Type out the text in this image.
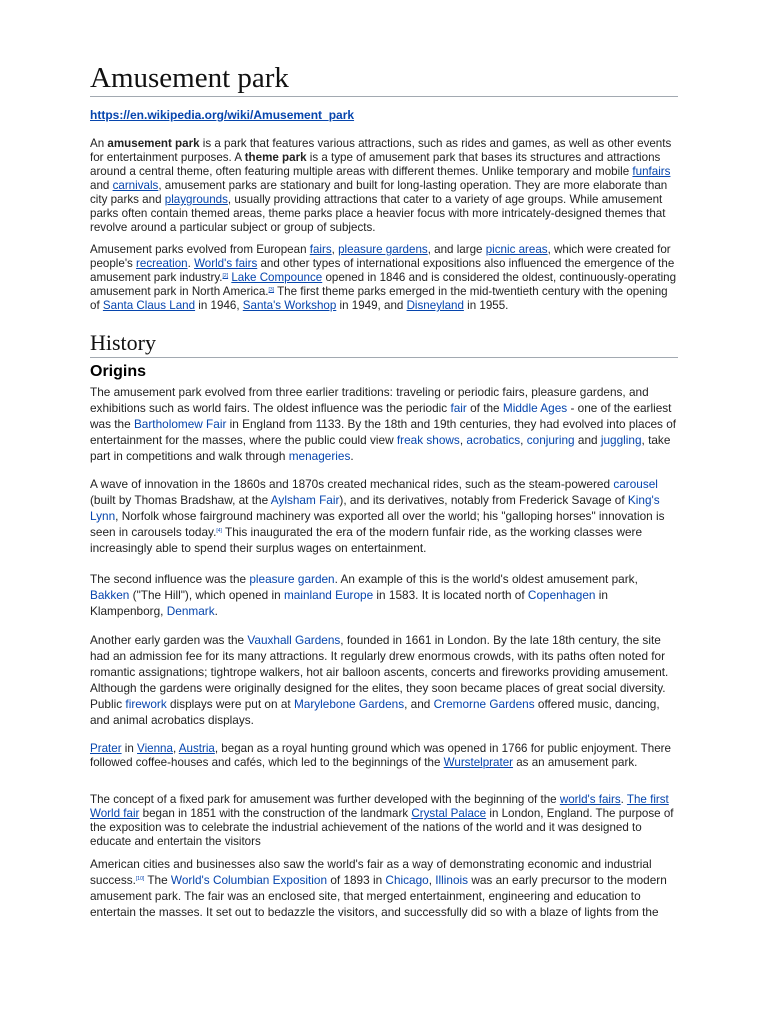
Amusement park
https://en.wikipedia.org/wiki/Amusement_park

An amusement park is a park that features various attractions, such as rides and games, as well as other events for entertainment purposes. A theme park is a type of amusement park that bases its structures and attractions around a central theme, often featuring multiple areas with different themes. Unlike temporary and mobile funfairs and carnivals, amusement parks are stationary and built for long-lasting operation. They are more elaborate than city parks and playgrounds, usually providing attractions that cater to a variety of age groups. While amusement parks often contain themed areas, theme parks place a heavier focus with more intricately-designed themes that revolve around a particular subject or group of subjects.

Amusement parks evolved from European fairs, pleasure gardens, and large picnic areas, which were created for people's recreation. World's fairs and other types of international expositions also influenced the emergence of the amusement park industry.[2] Lake Compounce opened in 1846 and is considered the oldest, continuously-operating amusement park in North America.[3] The first theme parks emerged in the mid-twentieth century with the opening of Santa Claus Land in 1946, Santa's Workshop in 1949, and Disneyland in 1955.

History
Origins

The amusement park evolved from three earlier traditions: traveling or periodic fairs, pleasure gardens, and exhibitions such as world fairs. The oldest influence was the periodic fair of the Middle Ages - one of the earliest was the Bartholomew Fair in England from 1133. By the 18th and 19th centuries, they had evolved into places of entertainment for the masses, where the public could view freak shows, acrobatics, conjuring and juggling, take part in competitions and walk through menageries.

A wave of innovation in the 1860s and 1870s created mechanical rides, such as the steam-powered carousel (built by Thomas Bradshaw, at the Aylsham Fair), and its derivatives, notably from Frederick Savage of King's Lynn, Norfolk whose fairground machinery was exported all over the world; his "galloping horses" innovation is seen in carousels today.[4] This inaugurated the era of the modern funfair ride, as the working classes were increasingly able to spend their surplus wages on entertainment.

The second influence was the pleasure garden. An example of this is the world's oldest amusement park, Bakken ("The Hill"), which opened in mainland Europe in 1583. It is located north of Copenhagen in Klampenborg, Denmark.

Another early garden was the Vauxhall Gardens, founded in 1661 in London. By the late 18th century, the site had an admission fee for its many attractions. It regularly drew enormous crowds, with its paths often noted for romantic assignations; tightrope walkers, hot air balloon ascents, concerts and fireworks providing amusement. Although the gardens were originally designed for the elites, they soon became places of great social diversity. Public firework displays were put on at Marylebone Gardens, and Cremorne Gardens offered music, dancing, and animal acrobatics displays.

Prater in Vienna, Austria, began as a royal hunting ground which was opened in 1766 for public enjoyment. There followed coffee-houses and cafés, which led to the beginnings of the Wurstelprater as an amusement park.

The concept of a fixed park for amusement was further developed with the beginning of the world's fairs. The first World fair began in 1851 with the construction of the landmark Crystal Palace in London, England. The purpose of the exposition was to celebrate the industrial achievement of the nations of the world and it was designed to educate and entertain the visitors

American cities and businesses also saw the world's fair as a way of demonstrating economic and industrial success.[10] The World's Columbian Exposition of 1893 in Chicago, Illinois was an early precursor to the modern amusement park. The fair was an enclosed site, that merged entertainment, engineering and education to entertain the masses. It set out to bedazzle the visitors, and successfully did so with a blaze of lights from the
